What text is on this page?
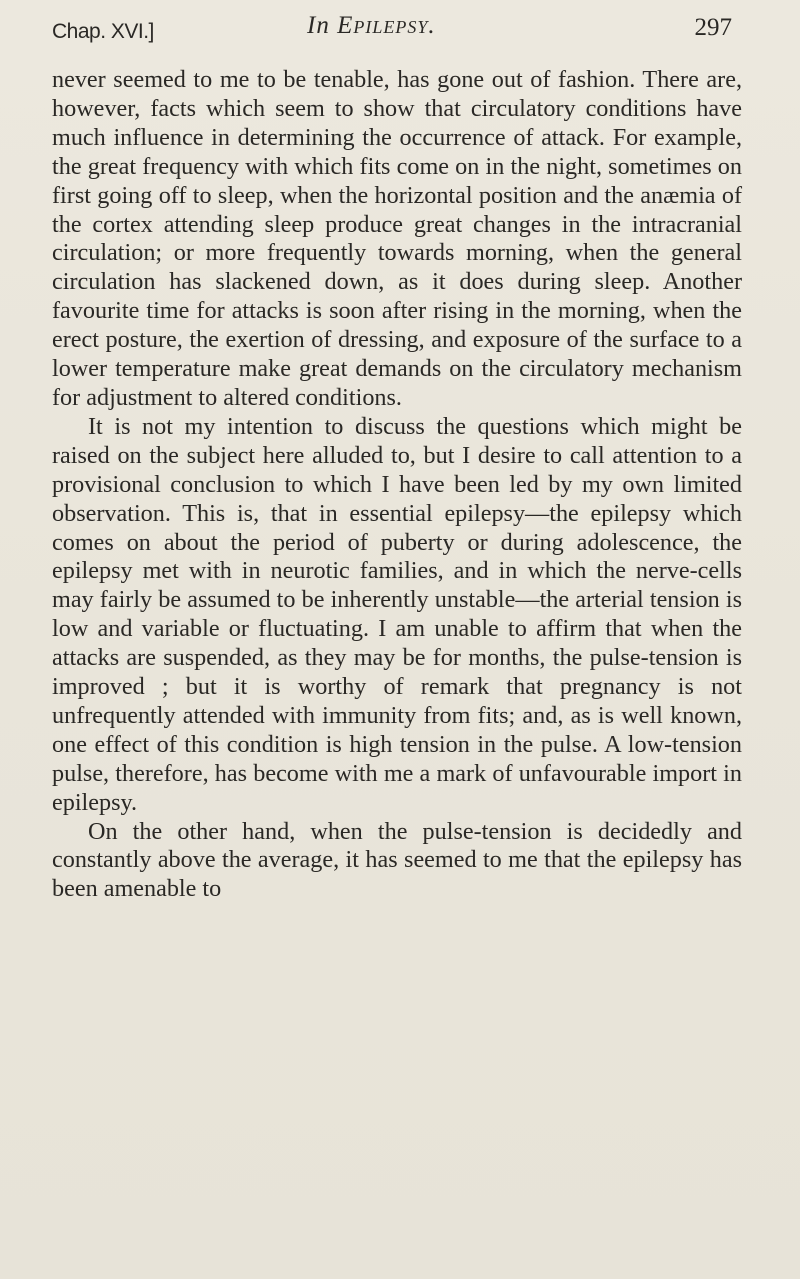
Chap. XVI.]	In Epilepsy.	297

never seemed to me to be tenable, has gone out of fashion. There are, however, facts which seem to show that circulatory conditions have much influence in determining the occurrence of attack. For example, the great frequency with which fits come on in the night, sometimes on first going off to sleep, when the horizontal position and the anæmia of the cortex attending sleep produce great changes in the intracranial circulation; or more frequently towards morning, when the general circulation has slackened down, as it does during sleep. Another favourite time for attacks is soon after rising in the morning, when the erect posture, the exertion of dressing, and exposure of the surface to a lower temperature make great demands on the circulatory mechanism for adjustment to altered conditions.

It is not my intention to discuss the questions which might be raised on the subject here alluded to, but I desire to call attention to a provisional conclusion to which I have been led by my own limited observation. This is, that in essential epilepsy—the epilepsy which comes on about the period of puberty or during adolescence, the epilepsy met with in neurotic families, and in which the nerve-cells may fairly be assumed to be inherently unstable—the arterial tension is low and variable or fluctuating. I am unable to affirm that when the attacks are suspended, as they may be for months, the pulse-tension is improved ; but it is worthy of remark that pregnancy is not unfrequently attended with immunity from fits; and, as is well known, one effect of this condition is high tension in the pulse. A low-tension pulse, therefore, has become with me a mark of unfavourable import in epilepsy.

On the other hand, when the pulse-tension is decidedly and constantly above the average, it has seemed to me that the epilepsy has been amenable to
